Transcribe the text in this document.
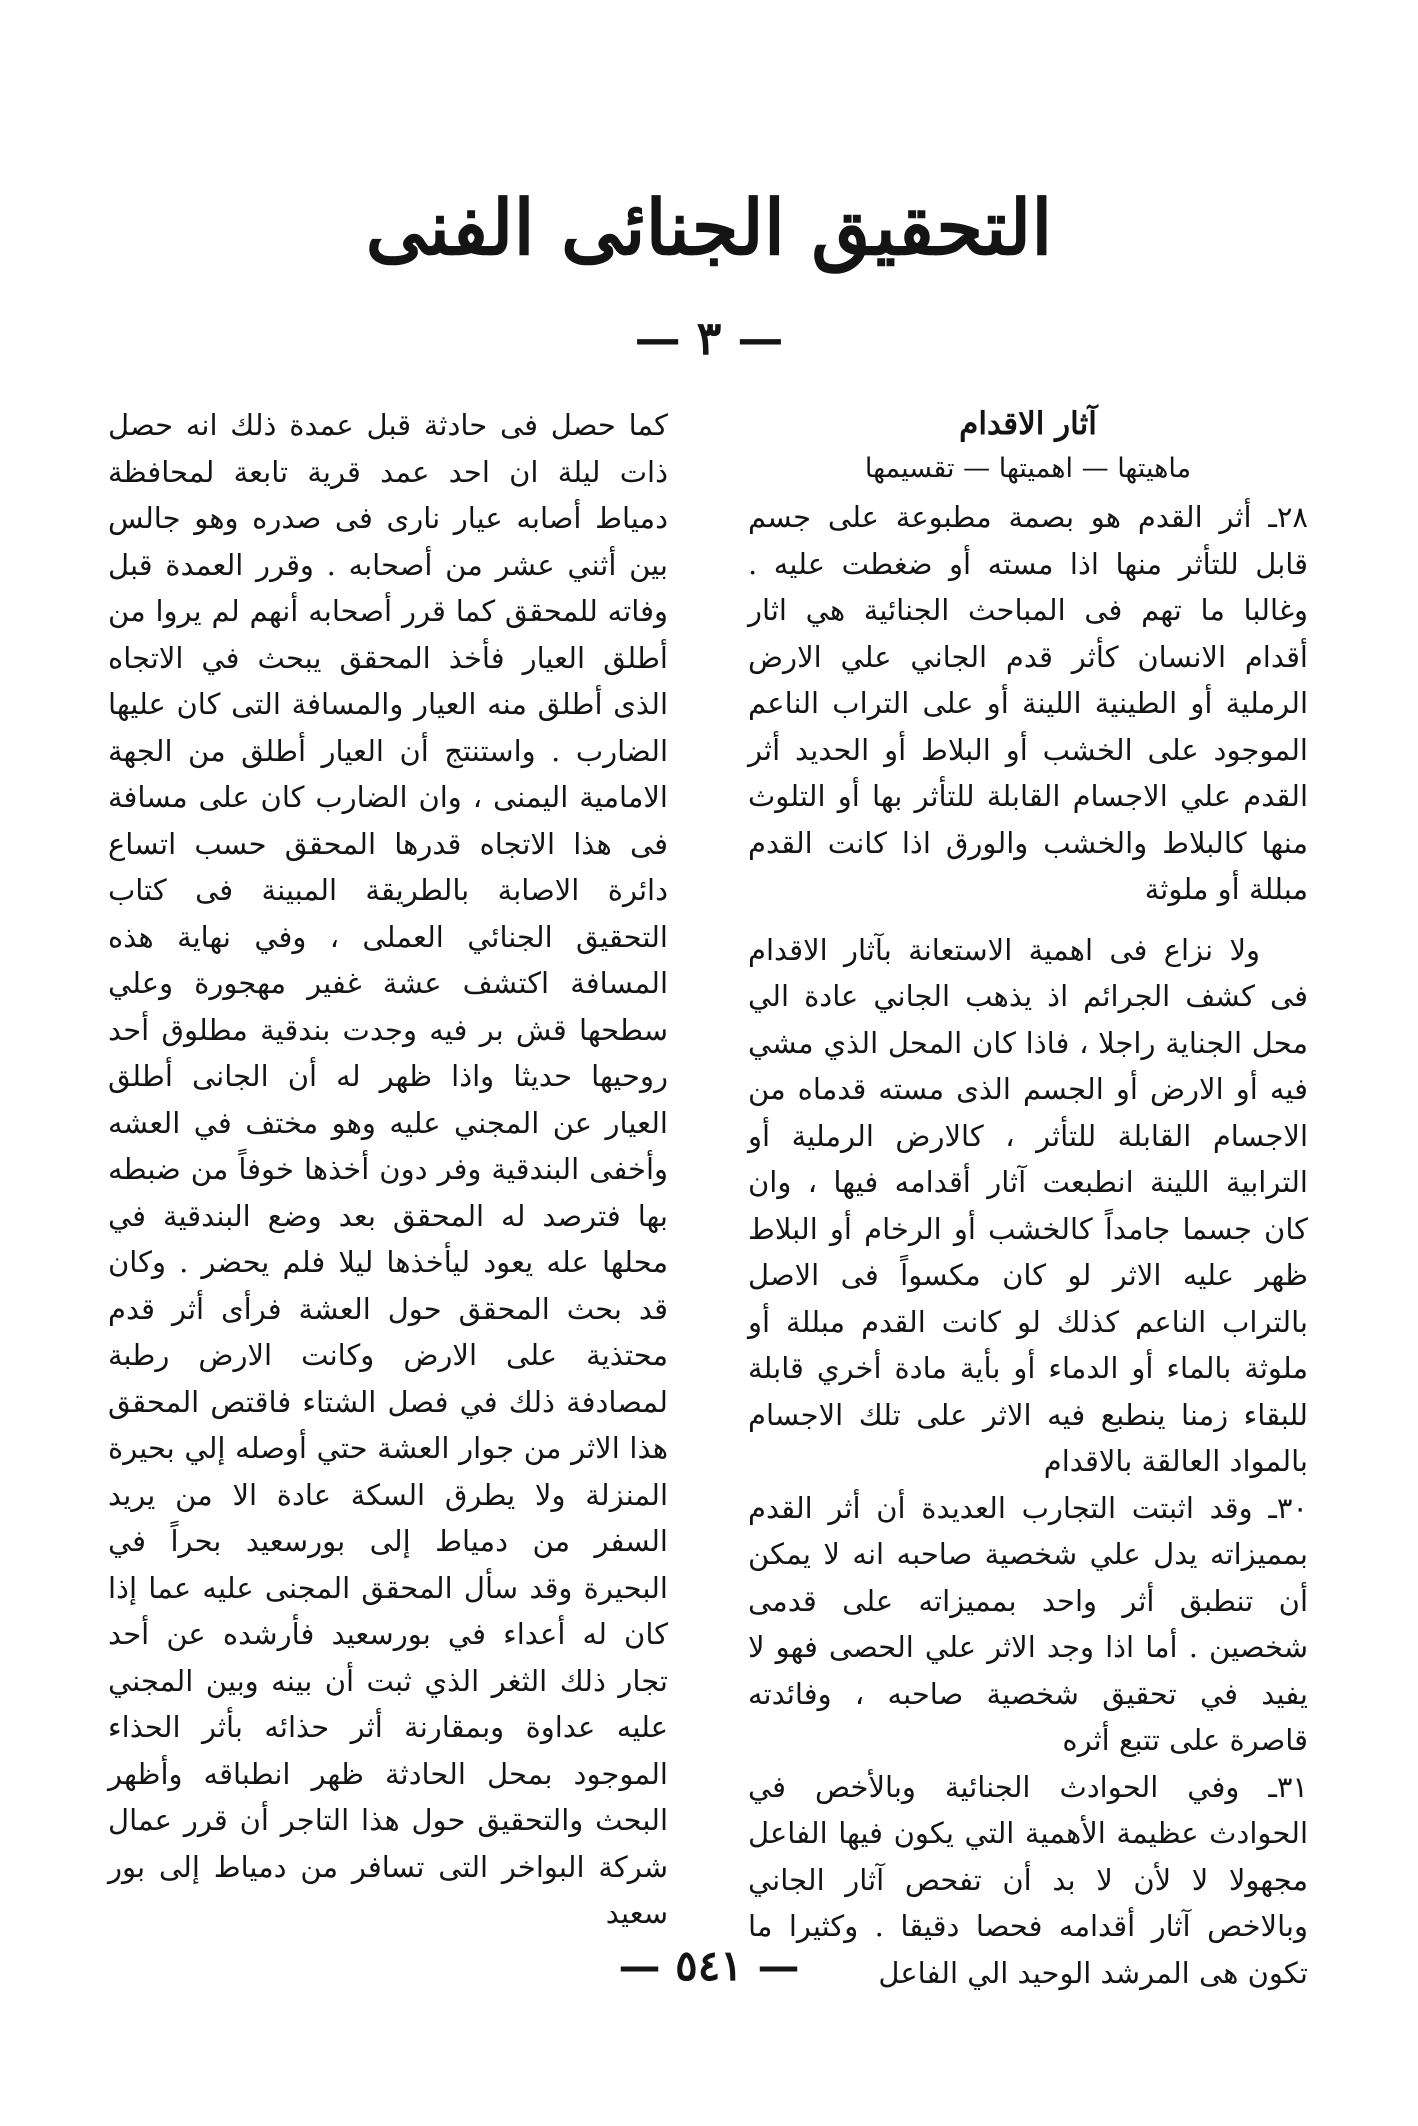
التحقيق الجنائى الفنى
— ٣ —
آثار الاقدام
ماهيتها — اهميتها — تقسيمها

٢٨ـ أثر القدم هو بصمة مطبوعة على جسم قابل للتأثر منها اذا مسته أو ضغطت عليه . وغالبا ما تهم فى المباحث الجنائية هي اثار أقدام الانسان كأثر قدم الجاني علي الارض الرملية أو الطينية اللينة أو على التراب الناعم الموجود على الخشب أو البلاط أو الحديد أثر القدم علي الاجسام القابلة للتأثر بها أو التلوث منها كالبلاط والخشب والورق اذا كانت القدم مبللة أو ملوثة

ولا نزاع فى اهمية الاستعانة بآثار الاقدام فى كشف الجرائم اذ يذهب الجاني عادة الي محل الجناية راجلا ، فاذا كان المحل الذي مشي فيه أو الارض أو الجسم الذى مسته قدماه من الاجسام القابلة للتأثر ، كالارض الرملية أو الترابية اللينة انطبعت آثار أقدامه فيها ، وان كان جسما جامداً كالخشب أو الرخام أو البلاط ظهر عليه الاثر لو كان مكسواً فى الاصل بالتراب الناعم كذلك لو كانت القدم مبللة أو ملوثة بالماء أو الدماء أو بأية مادة أخري قابلة للبقاء زمنا ينطبع فيه الاثر على تلك الاجسام بالمواد العالقة بالاقدام

٣٠ـ وقد اثبتت التجارب العديدة أن أثر القدم بمميزاته يدل علي شخصية صاحبه انه لا يمكن أن تنطبق أثر واحد بمميزاته على قدمى شخصين . أما اذا وجد الاثر علي الحصى فهو لا يفيد في تحقيق شخصية صاحبه ، وفائدته قاصرة على تتبع أثره

٣١ـ وفي الحوادث الجنائية وبالأخص في الحوادث عظيمة الأهمية التي يكون فيها الفاعل مجهولا لا لأن لا بد أن تفحص آثار الجاني وبالاخص آثار أقدامه فحصا دقيقا . وكثيرا ما تكون هى المرشد الوحيد الي الفاعل

كما حصل فى حادثة قبل عمدة ذلك انه حصل ذات ليلة ان احد عمد قرية تابعة لمحافظة دمياط أصابه عيار نارى فى صدره وهو جالس بين أثني عشر من أصحابه . وقرر العمدة قبل وفاته للمحقق كما قرر أصحابه أنهم لم يروا من أطلق العيار فأخذ المحقق يبحث في الاتجاه الذى أطلق منه العيار والمسافة التى كان عليها الضارب . واستنتج أن العيار أطلق من الجهة الامامية اليمنى ، وان الضارب كان على مسافة فى هذا الاتجاه قدرها المحقق حسب اتساع دائرة الاصابة بالطريقة المبينة فى كتاب التحقيق الجنائي العملى ، وفي نهاية هذه المسافة اكتشف عشة غفير مهجورة وعلي سطحها قش بر فيه وجدت بندقية مطلوق أحد روحيها حديثا واذا ظهر له أن الجانى أطلق العيار عن المجني عليه وهو مختف في العشه وأخفى البندقية وفر دون أخذها خوفاً من ضبطه بها فترصد له المحقق بعد وضع البندقية في محلها عله يعود ليأخذها ليلا فلم يحضر . وكان قد بحث المحقق حول العشة فرأى أثر قدم محتذية على الارض وكانت الارض رطبة لمصادفة ذلك في فصل الشتاء فاقتص المحقق هذا الاثر من جوار العشة حتي أوصله إلي بحيرة المنزلة ولا يطرق السكة عادة الا من يريد السفر من دمياط إلى بورسعيد بحراً في البحيرة وقد سأل المحقق المجنى عليه عما إذا كان له أعداء في بورسعيد فأرشده عن أحد تجار ذلك الثغر الذي ثبت أن بينه وبين المجني عليه عداوة وبمقارنة أثر حذائه بأثر الحذاء الموجود بمحل الحادثة ظهر انطباقه وأظهر البحث والتحقيق حول هذا التاجر أن قرر عمال شركة البواخر التى تسافر من دمياط إلى بور سعيد

— ٥٤١ —
